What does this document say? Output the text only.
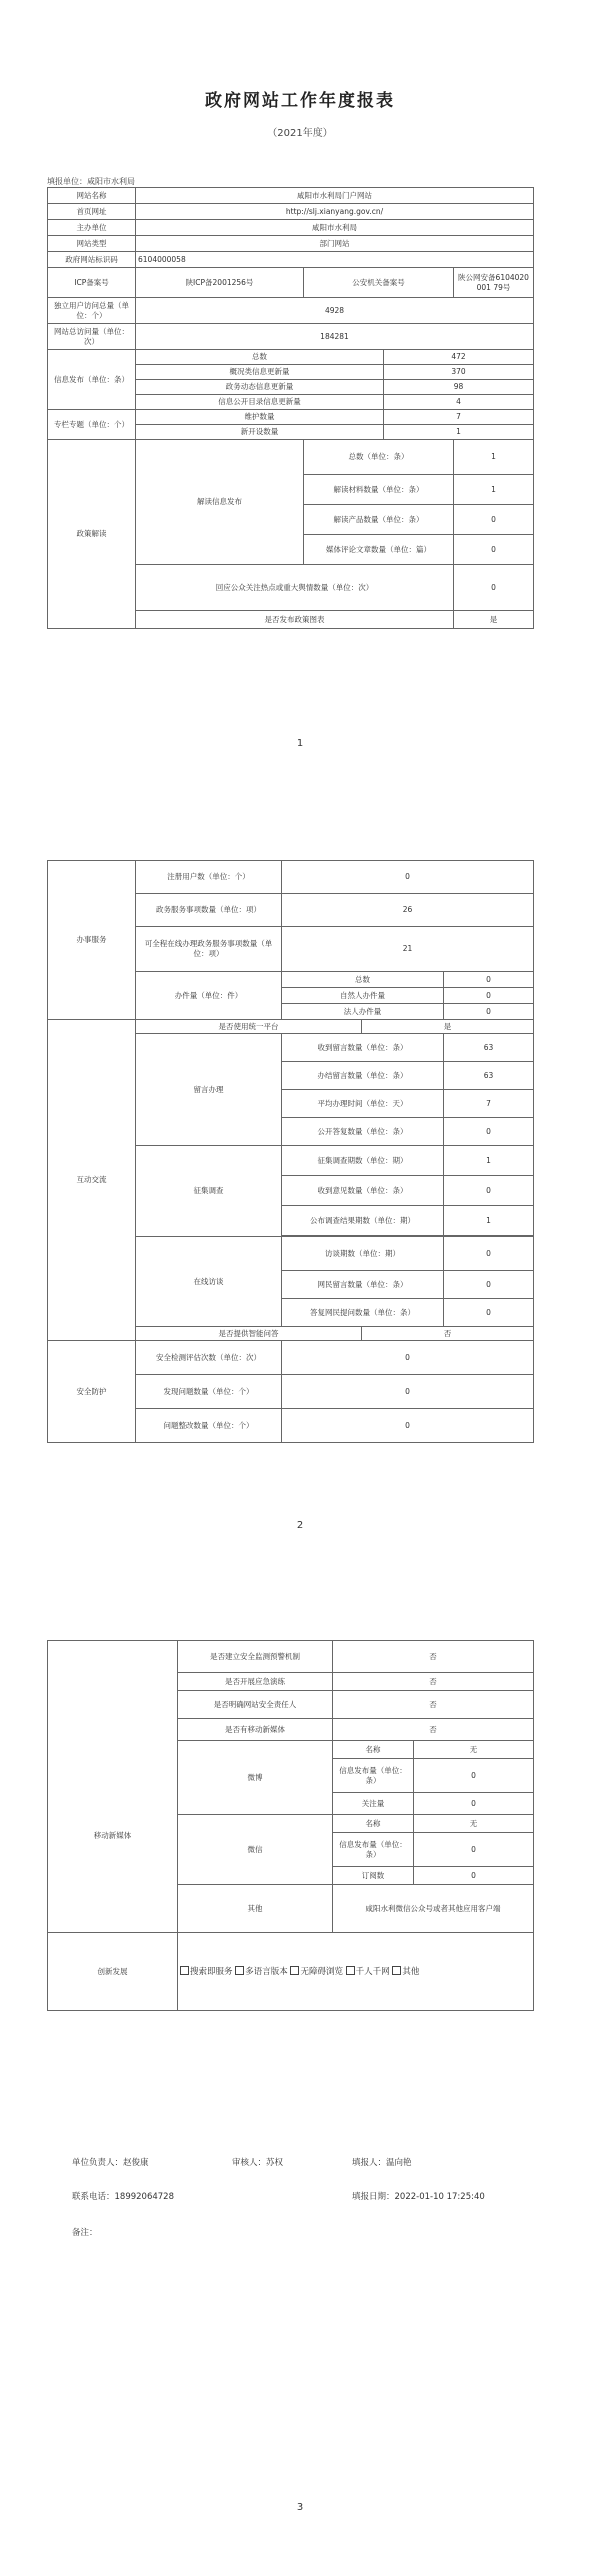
政府网站工作年度报表
（2021年度）
填报单位：咸阳市水利局
网站名称	咸阳市水利局门户网站			
首页网址	http://slj.xianyang.gov.cn/			
主办单位	咸阳市水利局			
网站类型	部门网站			
政府网站标识码	6104000058			
ICP备案号	陕ICP备2001256号	公安机关备案号		陕公网安备6104020001 79号
独立用户访问总量（单位：个）	4928			
网站总访问量（单位：次）	184281			
信息发布（单位：条）	总数		472	
	概况类信息更新量		370	
	政务动态信息更新量		98	
	信息公开目录信息更新量		4	
专栏专题（单位：个）	维护数量		7	
	新开设数量		1	
政策解读	解读信息发布	总数（单位：条）		1
		解读材料数量（单位：条）		1
		解读产品数量（单位：条）		0
		媒体评论文章数量（单位：篇）		0
	回应公众关注热点或重大舆情数量（单位：次）			0
	是否发布政策图表			是
1
办事服务	注册用户数（单位：个）	0		
	政务服务事项数量（单位：项）	26		
	可全程在线办理政务服务事项数量（单位：项）	21		
	办件量（单位：件）	总数		0
		自然人办件量		0
		法人办件量		0
互动交流	是否使用统一平台		是	
	留言办理	收到留言数量（单位：条）		63
		办结留言数量（单位：条）		63
		平均办理时间（单位：天）		7
		公开答复数量（单位：条）		0
	征集调查	征集调查期数（单位：期）		1
		收到意见数量（单位：条）		0
		公布调查结果期数（单位：期）		1

	在线访谈	访谈期数（单位：期）		0
		网民留言数量（单位：条）		0
		答复网民提问数量（单位：条）		0
	是否提供智能问答		否	
安全防护	安全检测评估次数（单位：次）	0		
	发现问题数量（单位：个）	0		
	问题整改数量（单位：个）	0		
2
	是否建立安全监测预警机制	否	
	是否开展应急演练	否	
	是否明确网站安全责任人	否	
	是否有移动新媒体	否	
移动新媒体	微博	名称	无
		信息发布量（单位：条）	0
		关注量	0
	微信	名称	无
		信息发布量（单位：条）	0
		订阅数	0
	其他	咸阳水利微信公众号或者其他应用客户端	
创新发展	搜索即服务 多语言版本 无障碍浏览 千人千网 其他		
单位负责人：赵俊康	审核人：苏权	填报人：温向艳
联系电话：18992064728	填报日期：2022-01-10 17:25:40
备注：
3
